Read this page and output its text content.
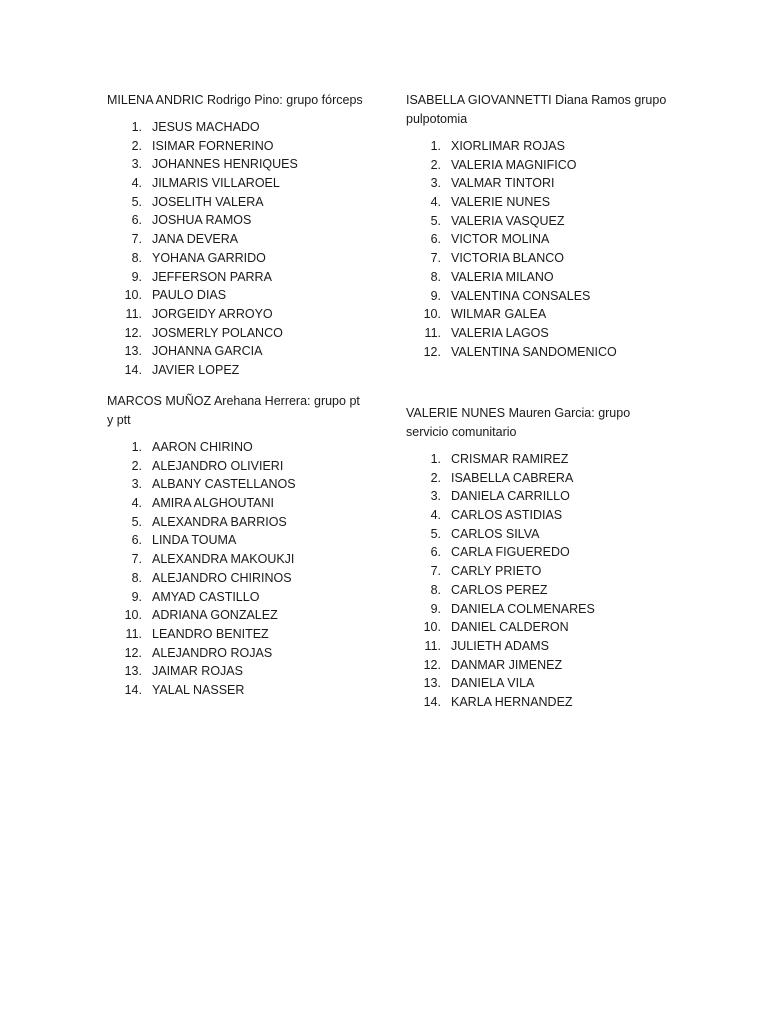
MILENA ANDRIC Rodrigo Pino: grupo fórceps

1. JESUS MACHADO
2. ISIMAR FORNERINO
3. JOHANNES HENRIQUES
4. JILMARIS VILLAROEL
5. JOSELITH VALERA
6. JOSHUA RAMOS
7. JANA DEVERA
8. YOHANA GARRIDO
9. JEFFERSON PARRA
10. PAULO DIAS
11. JORGEIDY ARROYO
12. JOSMERLY POLANCO
13. JOHANNA GARCIA
14. JAVIER LOPEZ

ISABELLA GIOVANNETTI Diana Ramos grupo pulpotomia

1. XIORLIMAR ROJAS
2. VALERIA MAGNIFICO
3. VALMAR TINTORI
4. VALERIE NUNES
5. VALERIA VASQUEZ
6. VICTOR MOLINA
7. VICTORIA BLANCO
8. VALERIA MILANO
9. VALENTINA CONSALES
10. WILMAR GALEA
11. VALERIA LAGOS
12. VALENTINA SANDOMENICO

MARCOS MUÑOZ Arehana Herrera: grupo pt y ptt

1. AARON CHIRINO
2. ALEJANDRO OLIVIERI
3. ALBANY CASTELLANOS
4. AMIRA ALGHOUTANI
5. ALEXANDRA BARRIOS
6. LINDA TOUMA
7. ALEXANDRA MAKOUKJI
8. ALEJANDRO CHIRINOS
9. AMYAD CASTILLO
10. ADRIANA GONZALEZ
11. LEANDRO BENITEZ
12. ALEJANDRO ROJAS
13. JAIMAR ROJAS
14. YALAL NASSER

VALERIE NUNES Mauren Garcia: grupo servicio comunitario

1. CRISMAR RAMIREZ
2. ISABELLA CABRERA
3. DANIELA CARRILLO
4. CARLOS ASTIDIAS
5. CARLOS SILVA
6. CARLA FIGUEREDO
7. CARLY PRIETO
8. CARLOS PEREZ
9. DANIELA COLMENARES
10. DANIEL CALDERON
11. JULIETH ADAMS
12. DANMAR JIMENEZ
13. DANIELA VILA
14. KARLA HERNANDEZ
